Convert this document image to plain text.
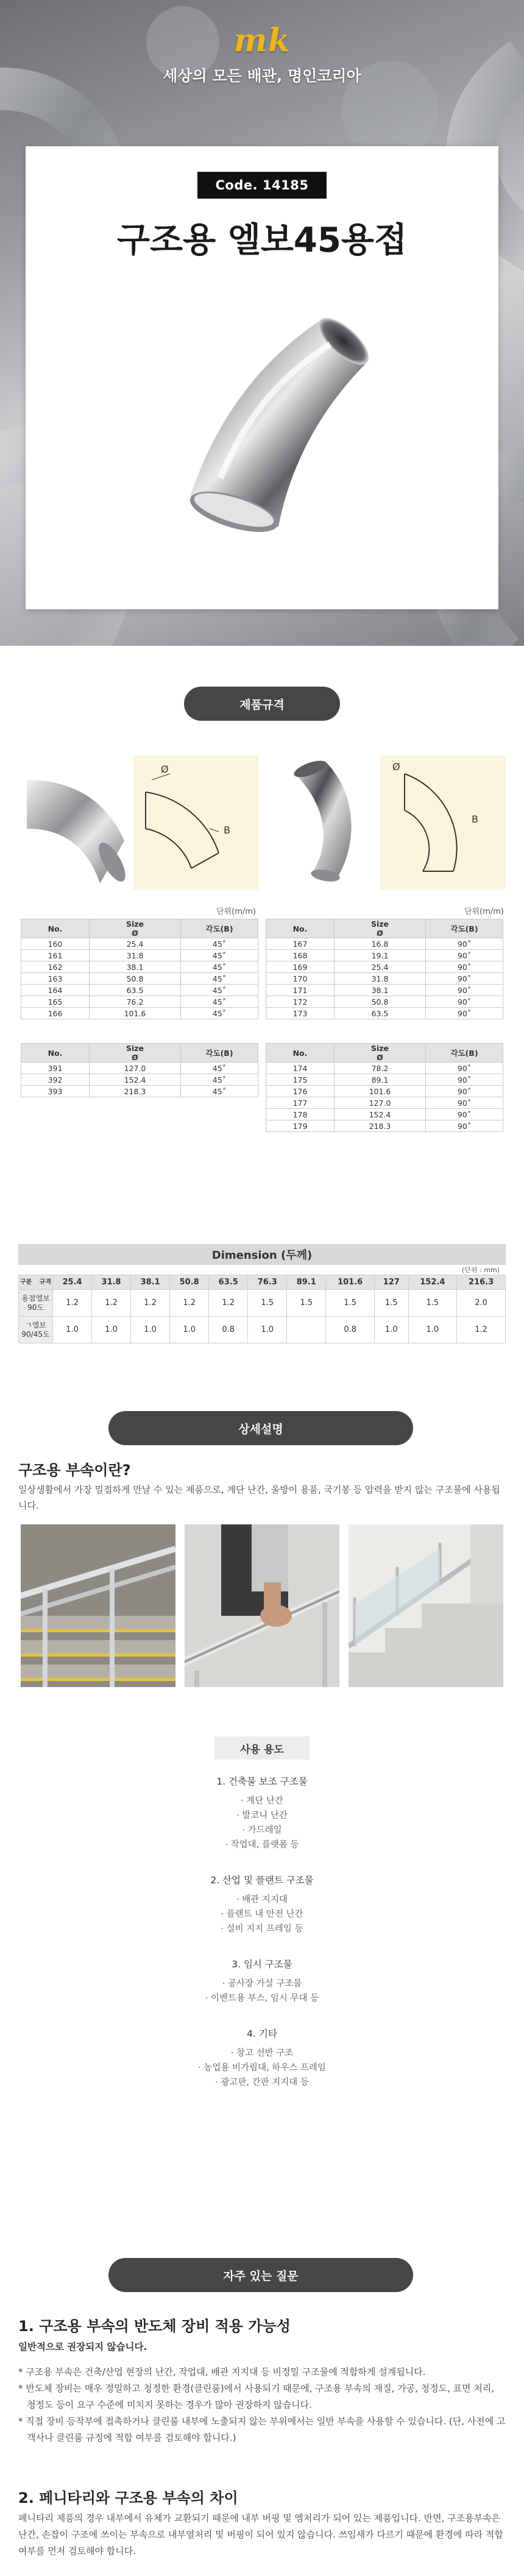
mk
세상의 모든 배관, 명인코리아
Code. 14185
구조용 엘보45용접
제품규격
Ø
B
Ø
B
단위(m/m)	단위(m/m)
No.	Size
Ø	각도(B)
160	25.4	45˚
161	31.8	45˚
162	38.1	45˚
163	50.8	45˚
164	63.5	45˚
165	76.2	45˚
166	101.6	45˚
No.	Size
Ø	각도(B)
391	127.0	45˚
392	152.4	45˚
393	218.3	45˚
No.	Size
Ø	각도(B)
167	16.8	90˚
168	19.1	90˚
169	25.4	90˚
170	31.8	90˚
171	38.1	90˚
172	50.8	90˚
173	63.5	90˚
No.	Size
Ø	각도(B)
174	78.2	90˚
175	89.1	90˚
176	101.6	90˚
177	127.0	90˚
178	152.4	90˚
179	218.3	90˚
Dimension (두께)
(단위 : mm)
구분 규격	25.4	31.8	38.1	50.8	63.5	76.3	89.1	101.6	127	152.4	216.3
용접엘보 90도	1.2	1.2	1.2	1.2	1.2	1.5	1.5	1.5	1.5	1.5	2.0
ㄱ엘보 90/45도	1.0	1.0	1.0	1.0	0.8	1.0		0.8	1.0	1.0	1.2
상세설명
구조용 부속이란?
일상생활에서 가장 밀접하게 만날 수 있는 제품으로, 계단 난간, 울방이 용품, 국기봉 등 압력을 받지 않는 구조물에 사용됩니다.
사용 용도
1. 건축물 보조 구조물
· 계단 난간
· 발코니 난간
· 가드레일
· 작업대, 플랫폼 등
2. 산업 및 플랜트 구조물
· 배관 지지대
· 플랜트 내 안전 난간
· 설비 지지 프레임 등
3. 임시 구조물
· 공사장 가설 구조물
· 이벤트용 부스, 임시 무대 등
4. 기타
· 창고 선반 구조
· 농업용 비가림대, 하우스 프레임
· 광고판, 간판 지지대 등
자주 있는 질문
1. 구조용 부속의 반도체 장비 적용 가능성
일반적으로 권장되지 않습니다.
* 구조용 부속은 건축/산업 현장의 난간, 작업대, 배관 지지대 등 비정밀 구조물에 적합하게 설계됩니다.
* 반도체 장비는 매우 정밀하고 청정한 환경(클린룸)에서 사용되기 때문에, 구조용 부속의 재질, 가공, 청정도, 표면 처리, 청정도 등이 요구 수준에 미치지 못하는 경우가 많아 권장하지 않습니다.
* 직접 장비 등작부에 접촉하거나 클린룸 내부에 노출되지 않는 부위에서는 일반 부속을 사용할 수 있습니다. (단, 사전에 고객사나 클린룸 규정에 적합 여부를 검토해야 합니다.)
2. 페니타리와 구조용 부속의 차이
페니타리 제품의 경우 내부에서 유체가 교환되기 때문에 내부 버핑 및 엠처리가 되어 있는 제품입니다. 반면, 구조용부속은 난간, 손잡이 구조에 쓰이는 부속으로 내부열처리 및 버핑이 되어 있지 않습니다. 쓰임새가 다르기 때문에 환경에 따라 적합 여부를 먼저 검토해야 합니다.
